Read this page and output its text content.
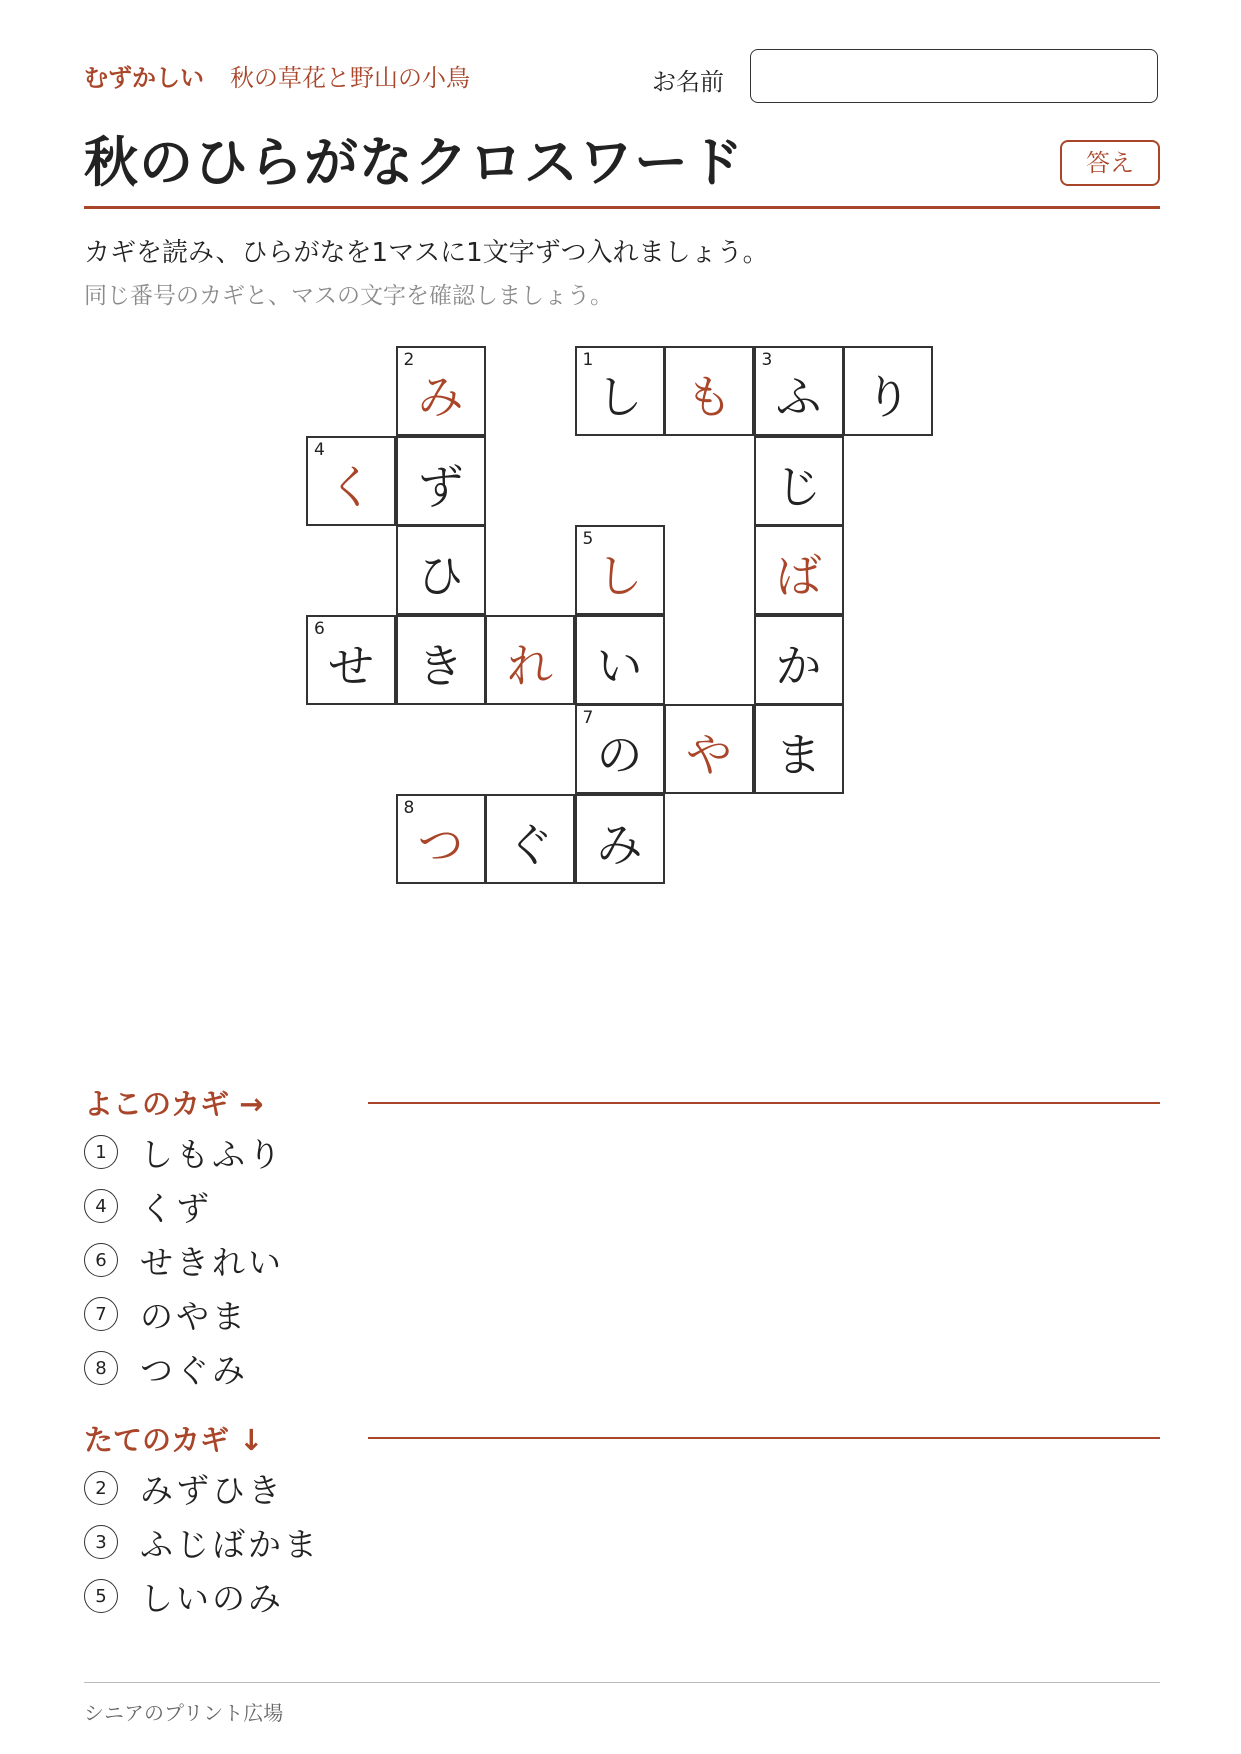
むずかしい 秋の草花と野山の小鳥	お名前
秋のひらがなクロスワード	答え
カギを読み、ひらがなを1マスに1文字ずつ入れましょう。
同じ番号のカギと、マスの文字を確認しましょう。
2
み
1
し も
3
ふ り
4
く ず	じ
ひ
5
し	ば
6
せ き れ い	か
7
の や ま
8
つ ぐ み
よこのカギ →
1	しもふり
4	くず
6	せきれい
7	のやま
8	つぐみ
たてのカギ ↓
2	みずひき
3	ふじばかま
5	しいのみ
シニアのプリント広場
